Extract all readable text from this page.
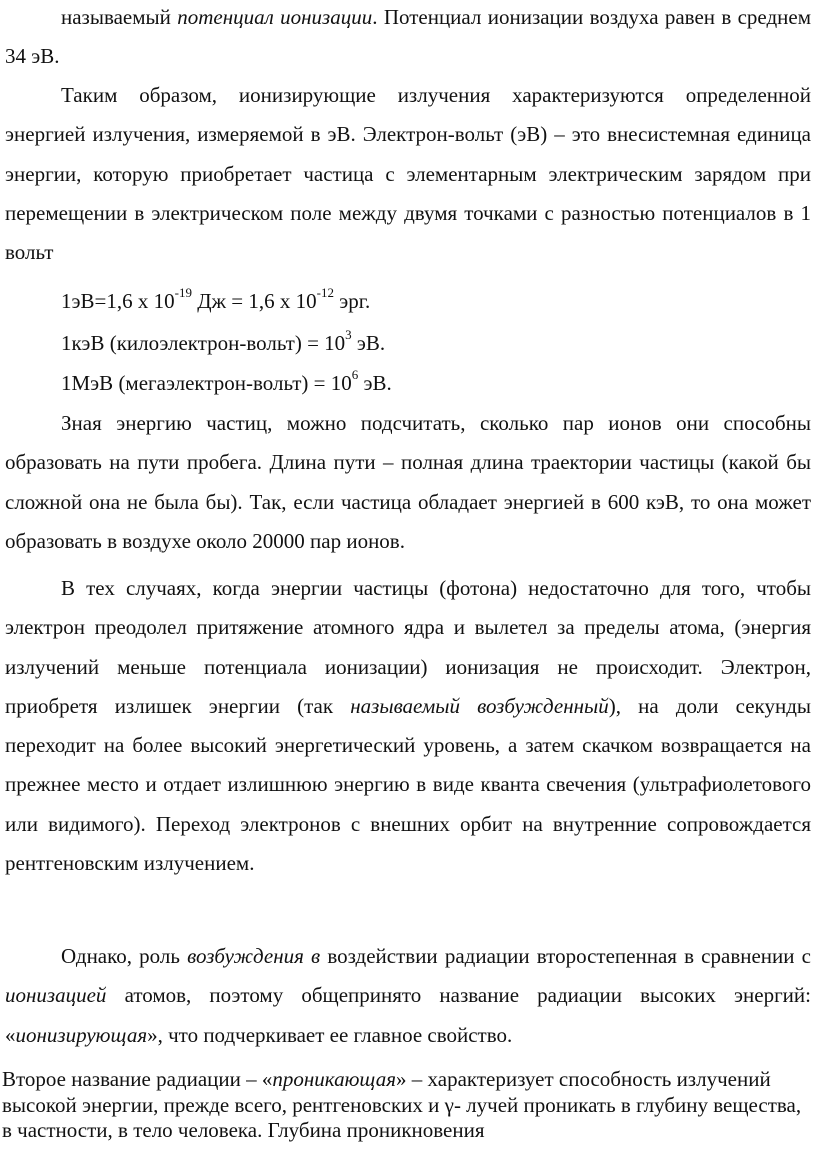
называемый потенциал ионизации. Потенциал ионизации воздуха равен в среднем 34 эВ.

Таким образом, ионизирующие излучения характеризуются определенной энергией излучения, измеряемой в эВ. Электрон-вольт (эВ) – это внесистемная единица энергии, которую приобретает частица с элементарным электрическим зарядом при перемещении в электрическом поле между двумя точками с разностью потенциалов в 1 вольт

1эВ=1,6 х $10^{-19}$ Дж = 1,6 х $10^{-12}$ эрг.

1кэВ (килоэлектрон-вольт) = $10^3$ эВ.

1МэВ (мегаэлектрон-вольт) = $10^6$ эВ.

Зная энергию частиц, можно подсчитать, сколько пар ионов они способны образовать на пути пробега. Длина пути – полная длина траектории частицы (какой бы сложной она не была бы). Так, если частица обладает энергией в 600 кэВ, то она может образовать в воздухе около 20000 пар ионов.

В тех случаях, когда энергии частицы (фотона) недостаточно для того, чтобы электрон преодолел притяжение атомного ядра и вылетел за пределы атома, (энергия излучений меньше потенциала ионизации) ионизация не происходит. Электрон, приобретя излишек энергии (так называемый возбужденный), на доли секунды переходит на более высокий энергетический уровень, а затем скачком возвращается на прежнее место и отдает излишнюю энергию в виде кванта свечения (ультрафиолетового или видимого). Переход электронов с внешних орбит на внутренние сопровождается рентгеновским излучением.

Однако, роль возбуждения в воздействии радиации второстепенная в сравнении с ионизацией атомов, поэтому общепринято название радиации высоких энергий: «ионизирующая», что подчеркивает ее главное свойство.

Второе название радиации – «проникающая» – характеризует способность излучений высокой энергии, прежде всего, рентгеновских и γ- лучей проникать в глубину вещества, в частности, в тело человека. Глубина проникновения
